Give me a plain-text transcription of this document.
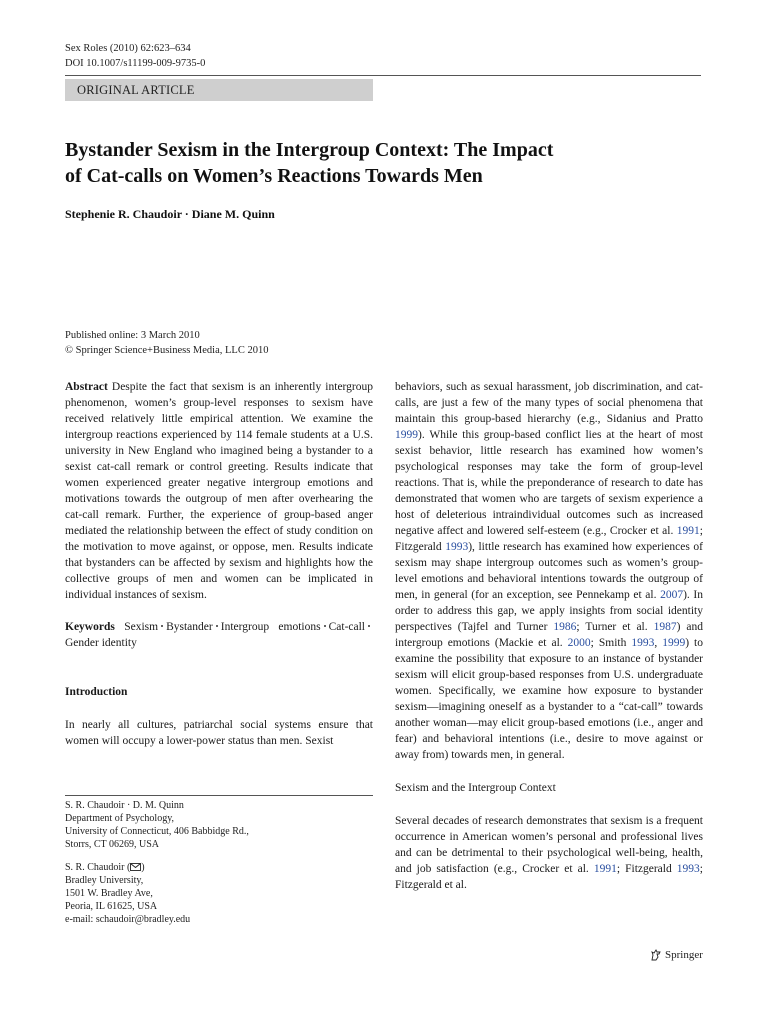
Sex Roles (2010) 62:623–634
DOI 10.1007/s11199-009-9735-0
ORIGINAL ARTICLE
Bystander Sexism in the Intergroup Context: The Impact
of Cat-calls on Women’s Reactions Towards Men
Stephenie R. Chaudoir · Diane M. Quinn
Published online: 3 March 2010
© Springer Science+Business Media, LLC 2010

Abstract Despite the fact that sexism is an inherently intergroup phenomenon, women’s group-level responses to sexism have received relatively little empirical attention. We examine the intergroup reactions experienced by 114 female students at a U.S. university in New England who imagined being a bystander to a sexist cat-call remark or control greeting. Results indicate that women experienced greater negative intergroup emotions and motivations towards the outgroup of men after overhearing the cat-call remark. Further, the experience of group-based anger mediated the relationship between the effect of study condition on the motivation to move against, or oppose, men. Results indicate that bystanders can be affected by sexism and highlights how the collective groups of men and women can be implicated in individual instances of sexism.

Keywords Sexism Bystander Intergroup emotions Cat-callGender identity

Introduction

In nearly all cultures, patriarchal social systems ensure that women will occupy a lower-power status than men. Sexist

S. R. Chaudoir · D. M. Quinn
Department of Psychology,
University of Connecticut, 406 Babbidge Rd.,
Storrs, CT 06269, USA
S. R. Chaudoir ( )
Bradley University,
1501 W. Bradley Ave,
Peoria, IL 61625, USA
e-mail: schaudoir@bradley.edu

behaviors, such as sexual harassment, job discrimination, and cat-calls, are just a few of the many types of social phenomena that maintain this group-based hierarchy (e.g., Sidanius and Pratto 1999). While this group-based conflict lies at the heart of most sexist behavior, little research has examined how women’s psychological responses may take the form of group-level reactions. That is, while the preponderance of research to date has demonstrated that women who are targets of sexism experience a host of deleterious intraindividual outcomes such as increased negative affect and lowered self-esteem (e.g., Crocker et al. 1991; Fitzgerald 1993), little research has examined how experiences of sexism may shape intergroup outcomes such as women’s group-level emotions and behavioral intentions towards the outgroup of men, in general (for an exception, see Pennekamp et al. 2007). In order to address this gap, we apply insights from social identity perspectives (Tajfel and Turner 1986; Turner et al. 1987) and intergroup emotions (Mackie et al. 2000; Smith 1993, 1999) to examine the possibility that exposure to an instance of bystander sexism will elicit group-based responses from U.S. undergraduate women. Specifically, we examine how exposure to bystander sexism—imagining oneself as a bystander to a “cat-call” towards another woman—may elicit group-based emotions (i.e., anger and fear) and behavioral intentions (i.e., desire to move against or away from) towards men, in general.

Sexism and the Intergroup Context

Several decades of research demonstrates that sexism is a frequent occurrence in American women’s personal and professional lives and can be detrimental to their psychological well-being, health, and job satisfaction (e.g., Crocker et al. 1991; Fitzgerald 1993; Fitzgerald et al.

Springer
